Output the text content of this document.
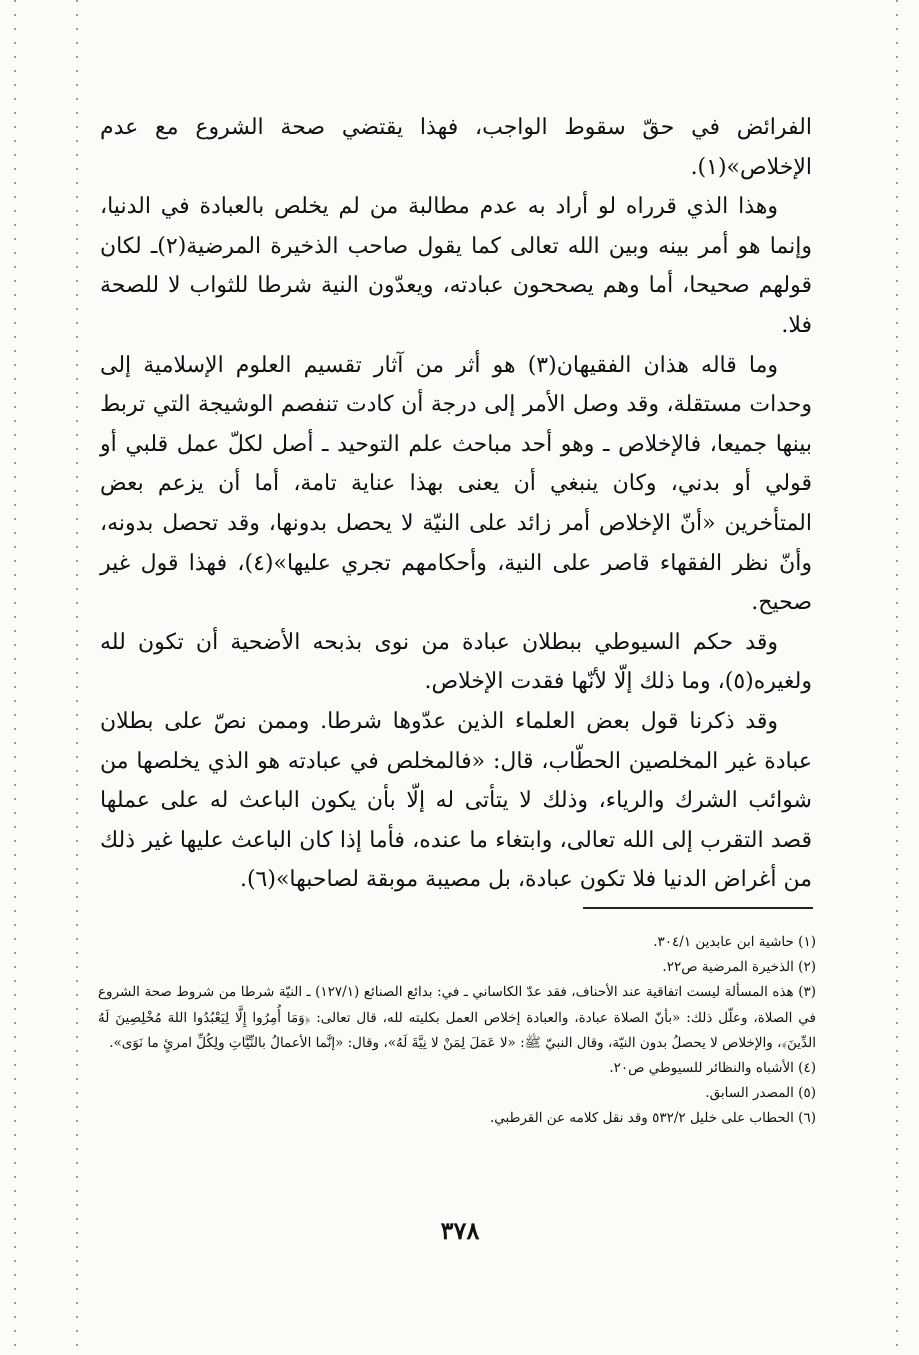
الفرائض في حقّ سقوط الواجب، فهذا يقتضي صحة الشروع مع عدم الإخلاص»(١).

وهذا الذي قرراه لو أراد به عدم مطالبة من لم يخلص بالعبادة في الدنيا، وإنما هو أمر بينه وبين الله تعالى كما يقول صاحب الذخيرة المرضية(٢)ـ لكان قولهم صحيحا، أما وهم يصححون عبادته، ويعدّون النية شرطا للثواب لا للصحة فلا.

وما قاله هذان الفقيهان(٣) هو أثر من آثار تقسيم العلوم الإسلامية إلى وحدات مستقلة، وقد وصل الأمر إلى درجة أن كادت تنفصم الوشيجة التي تربط بينها جميعا، فالإخلاص ـ وهو أحد مباحث علم التوحيد ـ أصل لكلّ عمل قلبي أو قولي أو بدني، وكان ينبغي أن يعنى بهذا عناية تامة، أما أن يزعم بعض المتأخرين «أنّ الإخلاص أمر زائد على النيّة لا يحصل بدونها، وقد تحصل بدونه، وأنّ نظر الفقهاء قاصر على النية، وأحكامهم تجري عليها»(٤)، فهذا قول غير صحيح.

وقد حكم السيوطي ببطلان عبادة من نوى بذبحه الأضحية أن تكون لله ولغيره(٥)، وما ذلك إلّا لأنّها فقدت الإخلاص.

وقد ذكرنا قول بعض العلماء الذين عدّوها شرطا. وممن نصّ على بطلان عبادة غير المخلصين الحطّاب، قال: «فالمخلص في عبادته هو الذي يخلصها من شوائب الشرك والرياء، وذلك لا يتأتى له إلّا بأن يكون الباعث له على عملها قصد التقرب إلى الله تعالى، وابتغاء ما عنده، فأما إذا كان الباعث عليها غير ذلك من أغراض الدنيا فلا تكون عبادة، بل مصيبة موبقة لصاحبها»(٦).

(١) حاشية ابن عابدين ٣٠٤/١.
(٢) الذخيرة المرضية ص٢٢.
(٣) هذه المسألة ليست اتفاقية عند الأحناف، فقد عدّ الكاساني ـ في: بدائع الصنائع (١٢٧/١) ـ النيّة شرطا من شروط صحة الشروع في الصلاة، وعلّل ذلك: «بأنّ الصلاة عبادة، والعبادة إخلاص العمل بكليته لله، قال تعالى: ﴿وَمَا أُمِرُوا إِلَّا لِيَعْبُدُوا اللهَ مُخْلِصِينَ لَهُ الدِّينَ﴾، والإخلاص لا يحصلُ بدون النيّة، وقال النبيّ ﷺ: «لا عَمَلَ لِمَنْ لا نِيَّةَ لَهُ»، وقال: «إنَّما الأعمالُ بالنِّيَّاتِ ولِكُلِّ امرئٍ ما نَوَى».
(٤) الأشباه والنظائر للسيوطي ص٢٠.
(٥) المصدر السابق.
(٦) الحطاب على خليل ٥٣٢/٢ وقد نقل كلامه عن القرطبي.
٣٧٨
